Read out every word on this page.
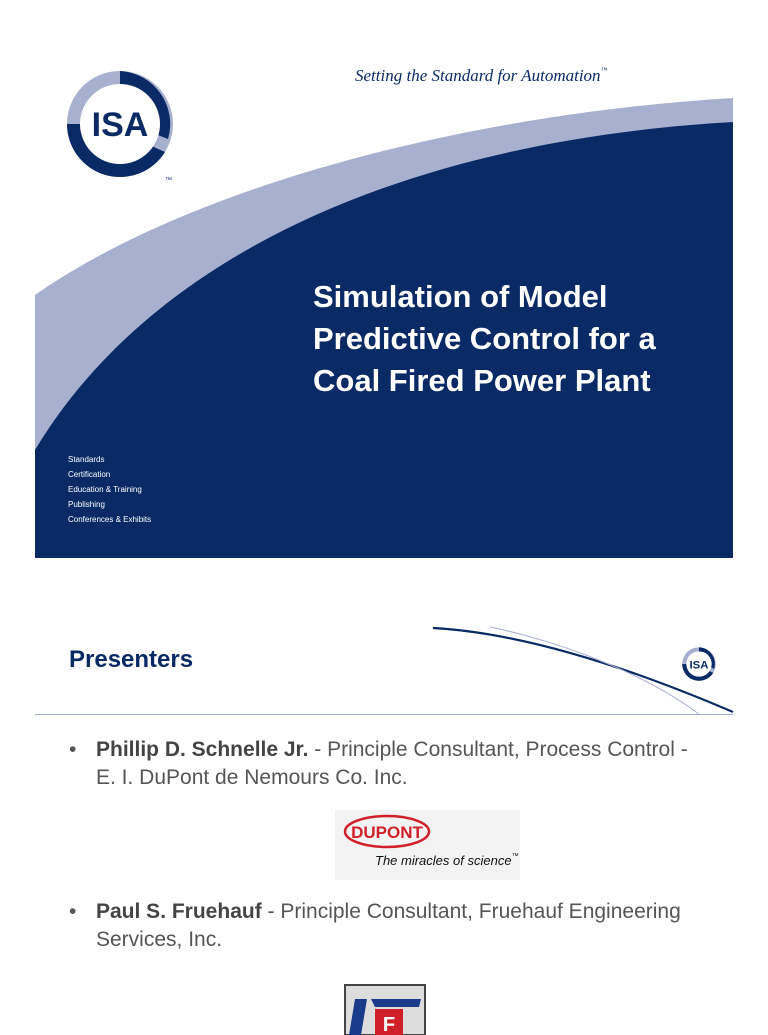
Setting the Standard for Automation™
ISA
™
Simulation of Model
Predictive Control for a
Coal Fired Power Plant
Standards
Certification
Education & Training
Publishing
Conferences & Exhibits
Presenters	ISA
• Phillip D. Schnelle Jr. - Principle Consultant, Process Control - E. I. DuPont de Nemours Co. Inc.
DUPONT
The miracles of science™
• Paul S. Fruehauf - Principle Consultant, Fruehauf Engineering Services, Inc.
F
